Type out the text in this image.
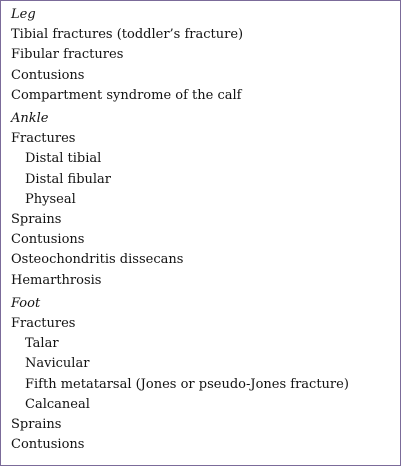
Leg
Tibial fractures (toddler’s fracture)
Fibular fractures
Contusions
Compartment syndrome of the calf
Ankle
Fractures
Distal tibial
Distal fibular
Physeal
Sprains
Contusions
Osteochondritis dissecans
Hemarthrosis
Foot
Fractures
Talar
Navicular
Fifth metatarsal (Jones or pseudo-Jones fracture)
Calcaneal
Sprains
Contusions
